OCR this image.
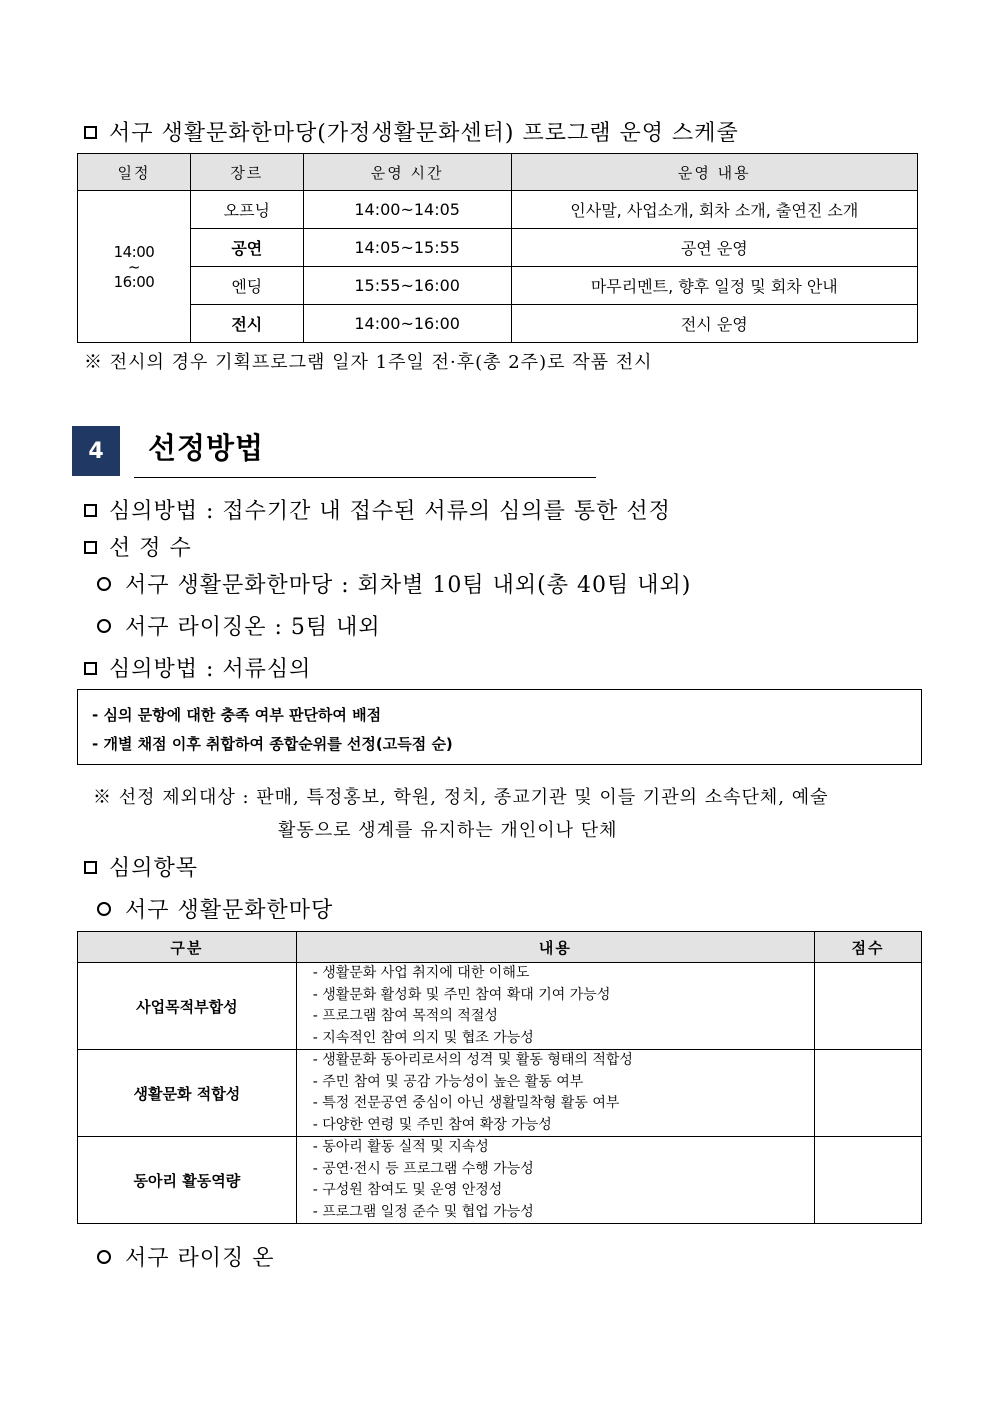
서구 생활문화한마당(가정생활문화센터) 프로그램 운영 스케줄
일정	장르	운영 시간	운영 내용

14:00
~
16:00	오프닝	14:00~14:05	인사말, 사업소개, 회차 소개, 출연진 소개
	공연	14:05~15:55	공연 운영
	엔딩	15:55~16:00	마무리멘트, 향후 일정 및 회차 안내
	전시	14:00~16:00	전시 운영
※ 전시의 경우 기획프로그램 일자 1주일 전·후(총 2주)로 작품 전시
4	선정방법
심의방법 : 접수기간 내 접수된 서류의 심의를 통한 선정
선 정 수
서구 생활문화한마당 : 회차별 10팀 내외(총 40팀 내외)
서구 라이징온 : 5팀 내외
심의방법 : 서류심의
- 심의 문항에 대한 충족 여부 판단하여 배점
- 개별 채점 이후 취합하여 종합순위를 선정(고득점 순)
※ 선정 제외대상 : 판매, 특정홍보, 학원, 정치, 종교기관 및 이들 기관의 소속단체, 예술
활동으로 생계를 유지하는 개인이나 단체
심의항목
서구 생활문화한마당
구분	내용	점수
사업목적부합성	- 생활문화 사업 취지에 대한 이해도
- 생활문화 활성화 및 주민 참여 확대 기여 가능성
- 프로그램 참여 목적의 적절성
- 지속적인 참여 의지 및 협조 가능성	

생활문화 적합성	- 생활문화 동아리로서의 성격 및 활동 형태의 적합성
- 주민 참여 및 공감 가능성이 높은 활동 여부
- 특정 전문공연 중심이 아닌 생활밀착형 활동 여부
- 다양한 연령 및 주민 참여 확장 가능성	

동아리 활동역량	- 동아리 활동 실적 및 지속성
- 공연·전시 등 프로그램 수행 가능성
- 구성원 참여도 및 운영 안정성
- 프로그램 일정 준수 및 협업 가능성	

서구 라이징 온
